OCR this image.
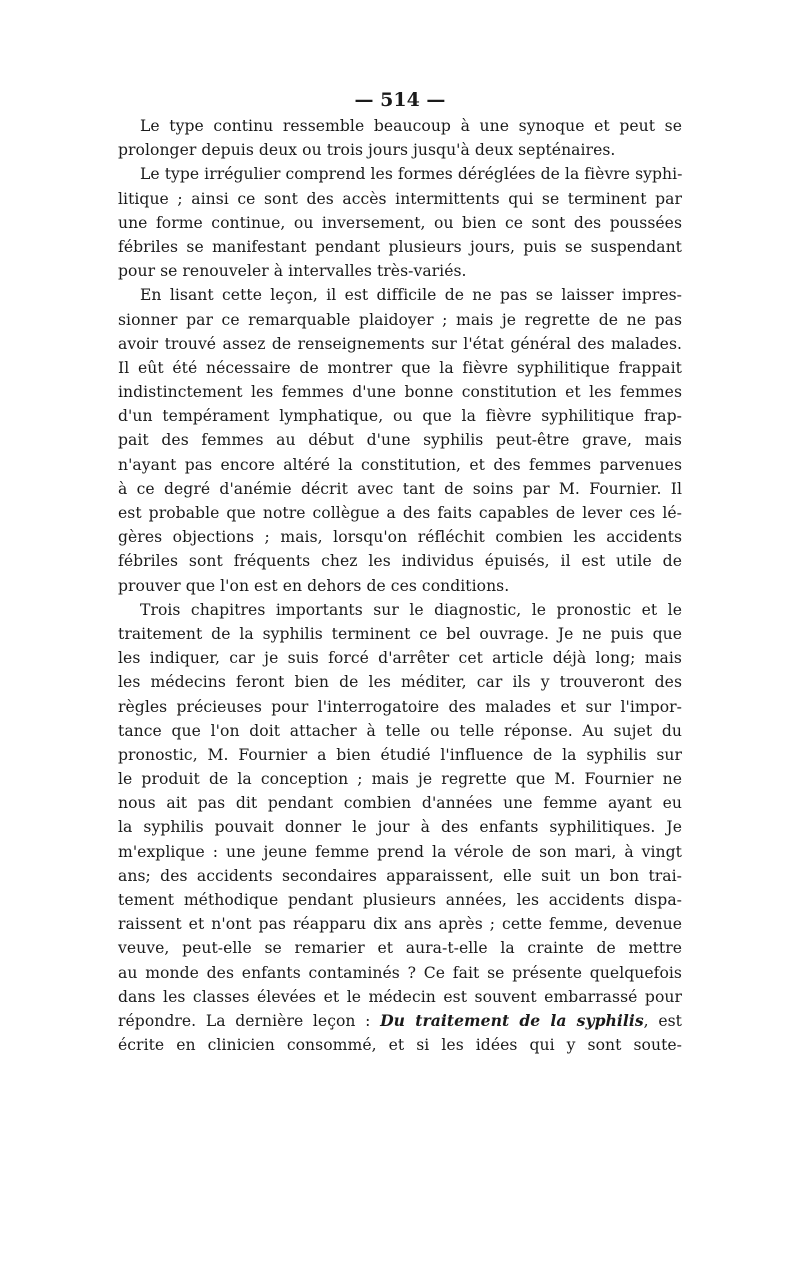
— 514 —
Le type continu ressemble beaucoup à une synoque et peut se
prolonger depuis deux ou trois jours jusqu'à deux septénaires.
Le type irrégulier comprend les formes déréglées de la fièvre syphi-
litique ; ainsi ce sont des accès intermittents qui se terminent par
une forme continue, ou inversement, ou bien ce sont des poussées
fébriles se manifestant pendant plusieurs jours, puis se suspendant
pour se renouveler à intervalles très-variés.
En lisant cette leçon, il est difficile de ne pas se laisser impres-
sionner par ce remarquable plaidoyer ; mais je regrette de ne pas
avoir trouvé assez de renseignements sur l'état général des malades.
Il eût été nécessaire de montrer que la fièvre syphilitique frappait
indistinctement les femmes d'une bonne constitution et les femmes
d'un tempérament lymphatique, ou que la fièvre syphilitique frap-
pait des femmes au début d'une syphilis peut-être grave, mais
n'ayant pas encore altéré la constitution, et des femmes parvenues
à ce degré d'anémie décrit avec tant de soins par M. Fournier. Il
est probable que notre collègue a des faits capables de lever ces lé-
gères objections ; mais, lorsqu'on réfléchit combien les accidents
fébriles sont fréquents chez les individus épuisés, il est utile de
prouver que l'on est en dehors de ces conditions.
Trois chapitres importants sur le diagnostic, le pronostic et le
traitement de la syphilis terminent ce bel ouvrage. Je ne puis que
les indiquer, car je suis forcé d'arrêter cet article déjà long; mais
les médecins feront bien de les méditer, car ils y trouveront des
règles précieuses pour l'interrogatoire des malades et sur l'impor-
tance que l'on doit attacher à telle ou telle réponse. Au sujet du
pronostic, M. Fournier a bien étudié l'influence de la syphilis sur
le produit de la conception ; mais je regrette que M. Fournier ne
nous ait pas dit pendant combien d'années une femme ayant eu
la syphilis pouvait donner le jour à des enfants syphilitiques. Je
m'explique : une jeune femme prend la vérole de son mari, à vingt
ans; des accidents secondaires apparaissent, elle suit un bon trai-
tement méthodique pendant plusieurs années, les accidents dispa-
raissent et n'ont pas réapparu dix ans après ; cette femme, devenue
veuve, peut-elle se remarier et aura-t-elle la crainte de mettre
au monde des enfants contaminés ? Ce fait se présente quelquefois
dans les classes élevées et le médecin est souvent embarrassé pour
répondre. La dernière leçon : Du traitement de la syphilis, est
écrite en clinicien consommé, et si les idées qui y sont soute-
